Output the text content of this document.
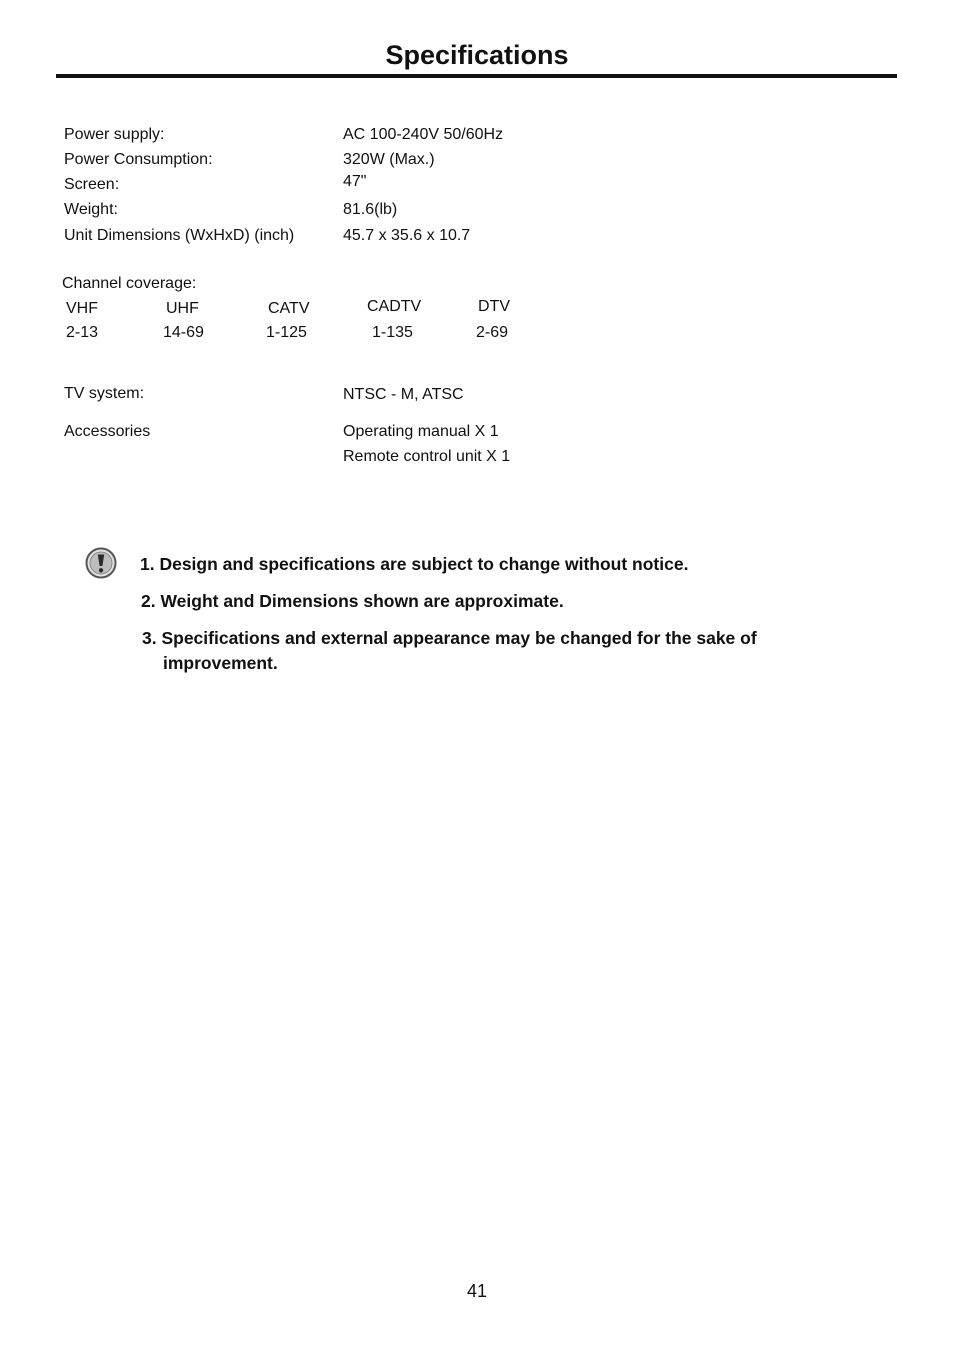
Specifications
Power supply:	AC 100-240V 50/60Hz
Power Consumption:	320W (Max.)
Screen:	47"
Weight:	81.6(lb)
Unit Dimensions (WxHxD) (inch)	45.7 x 35.6 x 10.7
Channel coverage:
VHF	UHF	CATV	CADTV	DTV
2-13	14-69	1-125	1-135	2-69
TV system:	NTSC - M, ATSC
Accessories	Operating manual X 1
Remote control unit X 1
1. Design and specifications are subject to change without notice.
2. Weight and Dimensions shown are approximate.
3. Specifications and external appearance may be changed for the sake of
improvement.
41
